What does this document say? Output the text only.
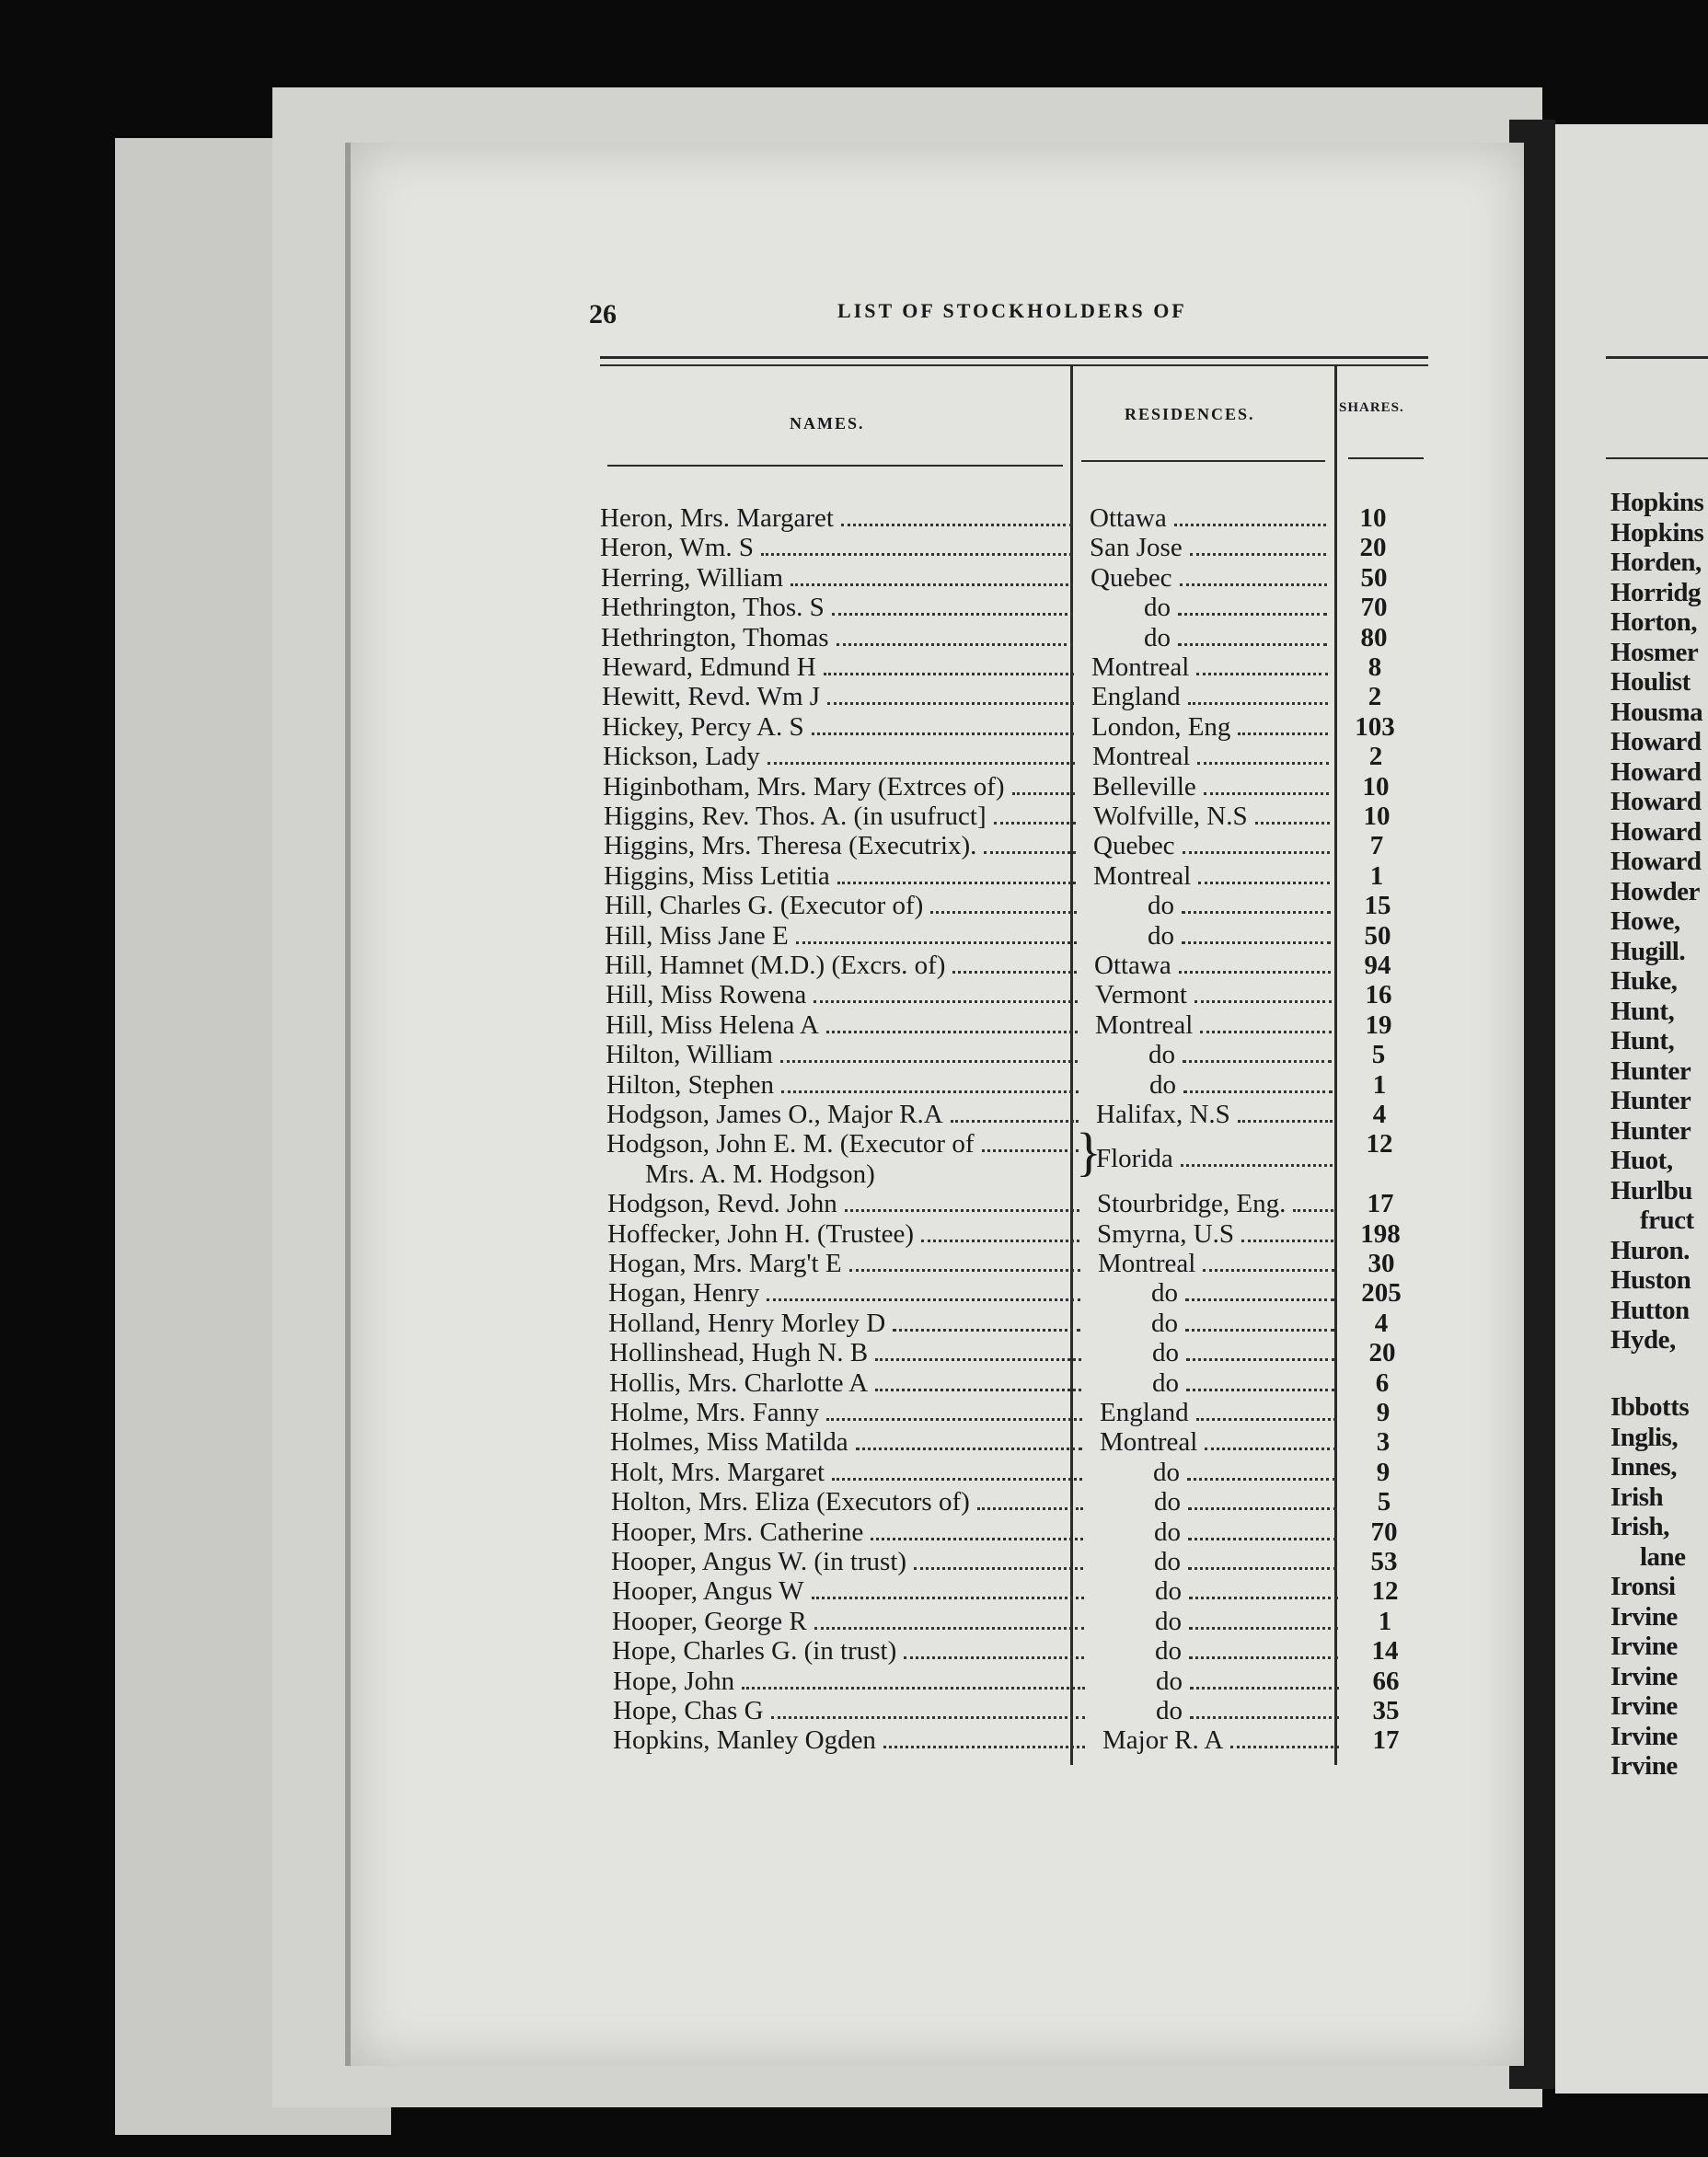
Hopkins
Hopkins
Horden,
Horridg
Horton,
Hosmer
Houlist
Housma
Howard
Howard
Howard
Howard
Howard
Howder
Howe,
Hugill.
Huke,
Hunt,
Hunt,
Hunter
Hunter
Hunter
Huot,
Hurlbu
fruct
Huron.
Huston
Hutton
Hyde,
Ibbotts
Inglis,
Innes,
Irish
Irish,
lane
Ironsi
Irvine
Irvine
Irvine
Irvine
Irvine
Irvine
26	LIST OF STOCKHOLDERS OF
NAMES.	RESIDENCES.	SHARES.
Heron, Mrs. Margaret	Ottawa	10
Heron, Wm. S	San Jose	20
Herring, William	Quebec	50
Hethrington, Thos. S	do	70
Hethrington, Thomas	do	80
Heward, Edmund H	Montreal	8
Hewitt, Revd. Wm J	England	2
Hickey, Percy A. S	London, Eng	103
Hickson, Lady	Montreal	2
Higinbotham, Mrs. Mary (Extrces of)	Belleville	10
Higgins, Rev. Thos. A. (in usufruct]	Wolfville, N.S	10
Higgins, Mrs. Theresa (Executrix).	Quebec	7
Higgins, Miss Letitia	Montreal	1
Hill, Charles G. (Executor of)	do	15
Hill, Miss Jane E	do	50
Hill, Hamnet (M.D.) (Excrs. of)	Ottawa	94
Hill, Miss Rowena	Vermont	16
Hill, Miss Helena A	Montreal	19
Hilton, William	do	5
Hilton, Stephen	do	1
Hodgson, James O., Major R.A	Halifax, N.S	4
Hodgson, John E. M. (Executor of	Florida	12
}
Mrs. A. M. Hodgson)
Hodgson, Revd. John	Stourbridge, Eng.	17
Hoffecker, John H. (Trustee)	Smyrna, U.S	198
Hogan, Mrs. Marg't E	Montreal	30
Hogan, Henry	do	205
Holland, Henry Morley D	do	4
Hollinshead, Hugh N. B	do	20
Hollis, Mrs. Charlotte A	do	6
Holme, Mrs. Fanny	England	9
Holmes, Miss Matilda	Montreal	3
Holt, Mrs. Margaret	do	9
Holton, Mrs. Eliza (Executors of)	do	5
Hooper, Mrs. Catherine	do	70
Hooper, Angus W. (in trust)	do	53
Hooper, Angus W	do	12
Hooper, George R	do	1
Hope, Charles G. (in trust)	do	14
Hope, John	do	66
Hope, Chas G	do	35
Hopkins, Manley Ogden	Major R. A	17
